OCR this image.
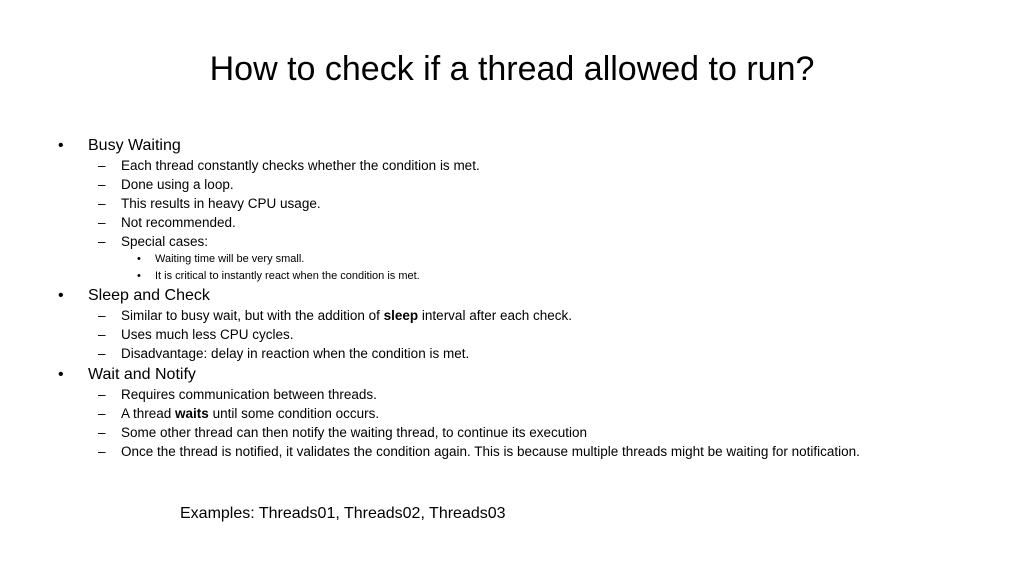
How to check if a thread allowed to run?
• Busy Waiting
– Each thread constantly checks whether the condition is met.
– Done using a loop.
– This results in heavy CPU usage.
– Not recommended.
– Special cases:
• Waiting time will be very small.
• It is critical to instantly react when the condition is met.
• Sleep and Check
– Similar to busy wait, but with the addition of sleep interval after each check.
– Uses much less CPU cycles.
– Disadvantage: delay in reaction when the condition is met.
• Wait and Notify
– Requires communication between threads.
– A thread waits until some condition occurs.
– Some other thread can then notify the waiting thread, to continue its execution
– Once the thread is notified, it validates the condition again. This is because multiple threads might be waiting for notification.
Examples: Threads01, Threads02, Threads03
